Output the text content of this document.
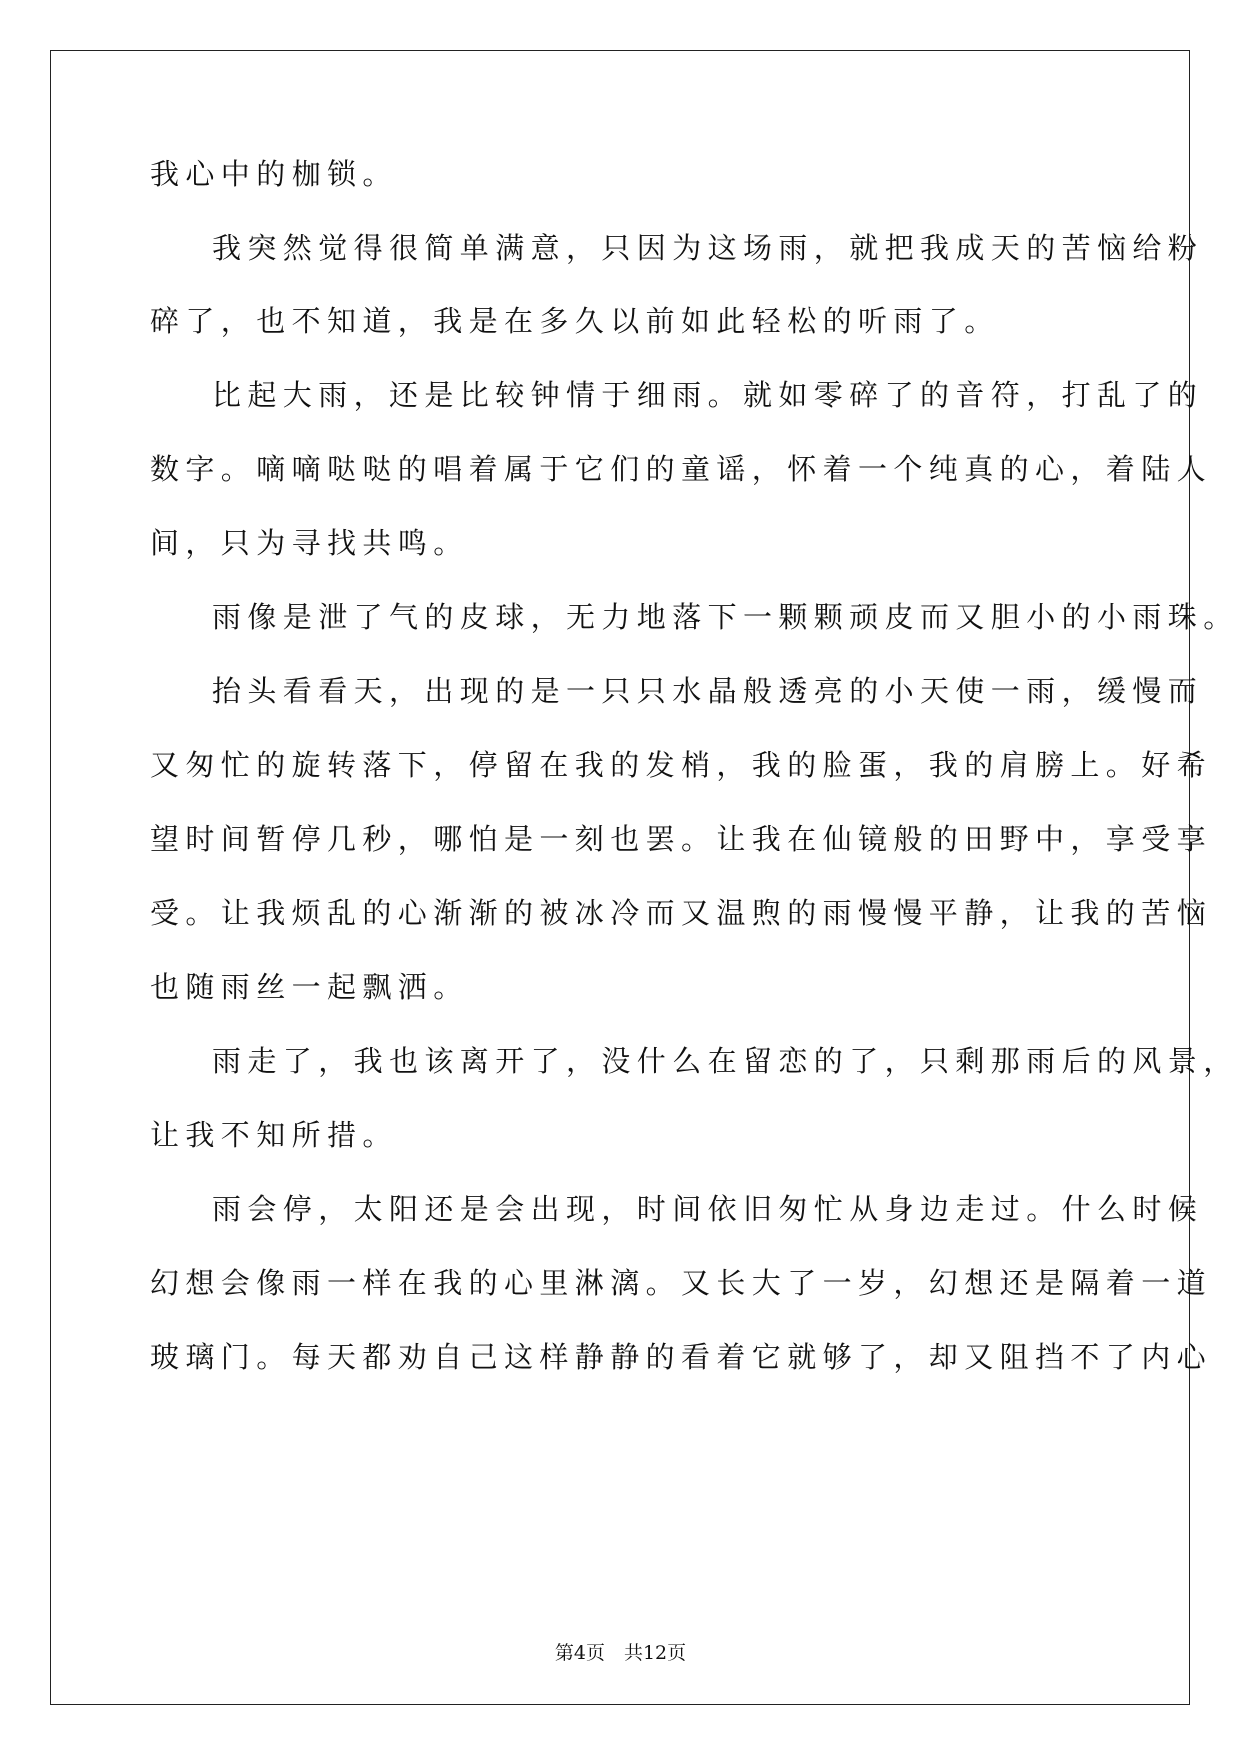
我心中的枷锁。
我突然觉得很简单满意，只因为这场雨，就把我成天的苦恼给粉
碎了，也不知道，我是在多久以前如此轻松的听雨了。
比起大雨，还是比较钟情于细雨。就如零碎了的音符，打乱了的
数字。嘀嘀哒哒的唱着属于它们的童谣，怀着一个纯真的心，着陆人
间，只为寻找共鸣。
雨像是泄了气的皮球，无力地落下一颗颗顽皮而又胆小的小雨珠。
抬头看看天，出现的是一只只水晶般透亮的小天使一雨，缓慢而
又匆忙的旋转落下，停留在我的发梢，我的脸蛋，我的肩膀上。好希
望时间暂停几秒，哪怕是一刻也罢。让我在仙镜般的田野中，享受享
受。让我烦乱的心渐渐的被冰冷而又温煦的雨慢慢平静，让我的苦恼
也随雨丝一起飘洒。
雨走了，我也该离开了，没什么在留恋的了，只剩那雨后的风景，
让我不知所措。
雨会停，太阳还是会出现，时间依旧匆忙从身边走过。什么时候
幻想会像雨一样在我的心里淋漓。又长大了一岁，幻想还是隔着一道
玻璃门。每天都劝自己这样静静的看着它就够了，却又阻挡不了内心
第4页　共12页
